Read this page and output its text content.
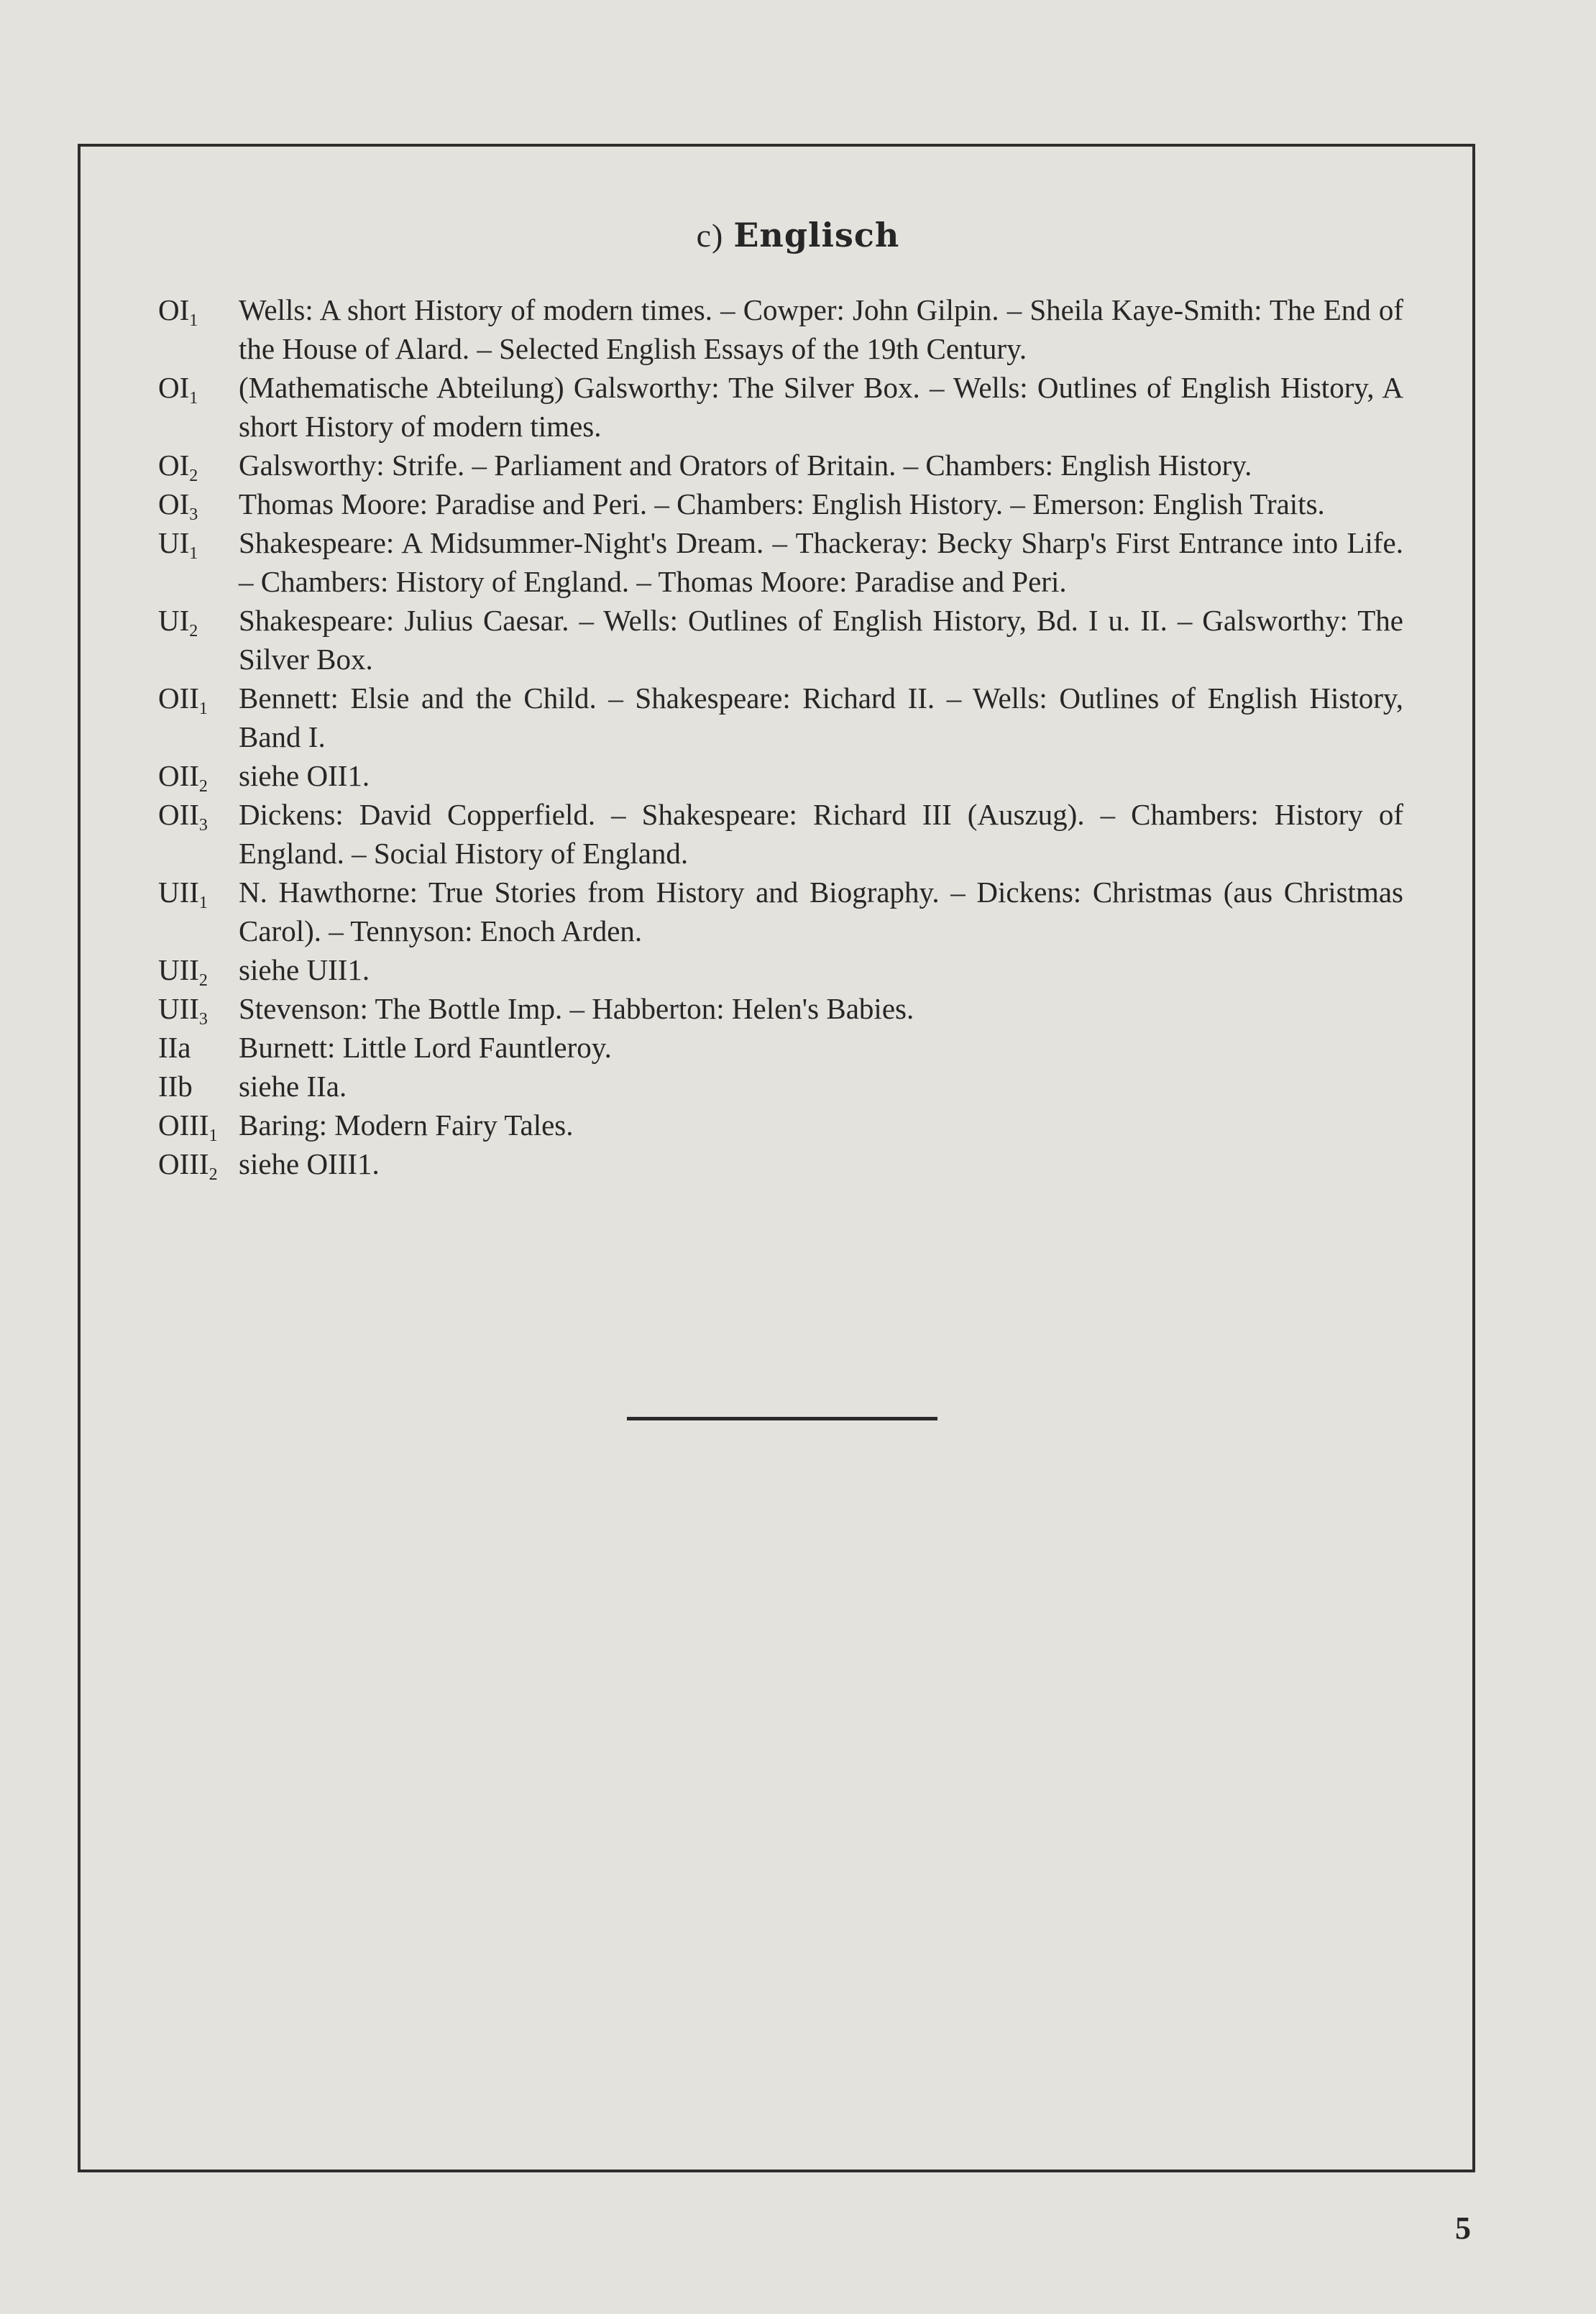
c) Englisch
$OI_1$	Wells: A short History of modern times. – Cowper: John Gilpin. – Sheila Kaye-Smith: The End of the House of Alard. – Selected English Essays of the 19th Century.
$OI_1$	(Mathematische Abteilung) Galsworthy: The Silver Box. – Wells: Outlines of English History, A short History of modern times.
$OI_2$	Galsworthy: Strife. – Parliament and Orators of Britain. – Chambers: English History.
$OI_3$	Thomas Moore: Paradise and Peri. – Chambers: English History. – Emerson: English Traits.
$UI_1$	Shakespeare: A Midsummer-Night's Dream. – Thackeray: Becky Sharp's First Entrance into Life. – Chambers: History of England. – Thomas Moore: Paradise and Peri.
$UI_2$	Shakespeare: Julius Caesar. – Wells: Outlines of English History, Bd. I u. II. – Galsworthy: The Silver Box.
$OII_1$	Bennett: Elsie and the Child. – Shakespeare: Richard II. – Wells: Outlines of English History, Band I.
$OII_2$	siehe OII1.
$OII_3$	Dickens: David Copperfield. – Shakespeare: Richard III (Auszug). – Chambers: History of England. – Social History of England.
$UII_1$	N. Hawthorne: True Stories from History and Biography. – Dickens: Christmas (aus Christmas Carol). – Tennyson: Enoch Arden.
$UII_2$	siehe UII1.
$UII_3$	Stevenson: The Bottle Imp. – Habberton: Helen's Babies.
IIa	Burnett: Little Lord Fauntleroy.
IIb	siehe IIa.
$OIII_1$ Baring: Modern Fairy Tales.
$OIII_2$ siehe OIII1.
5
